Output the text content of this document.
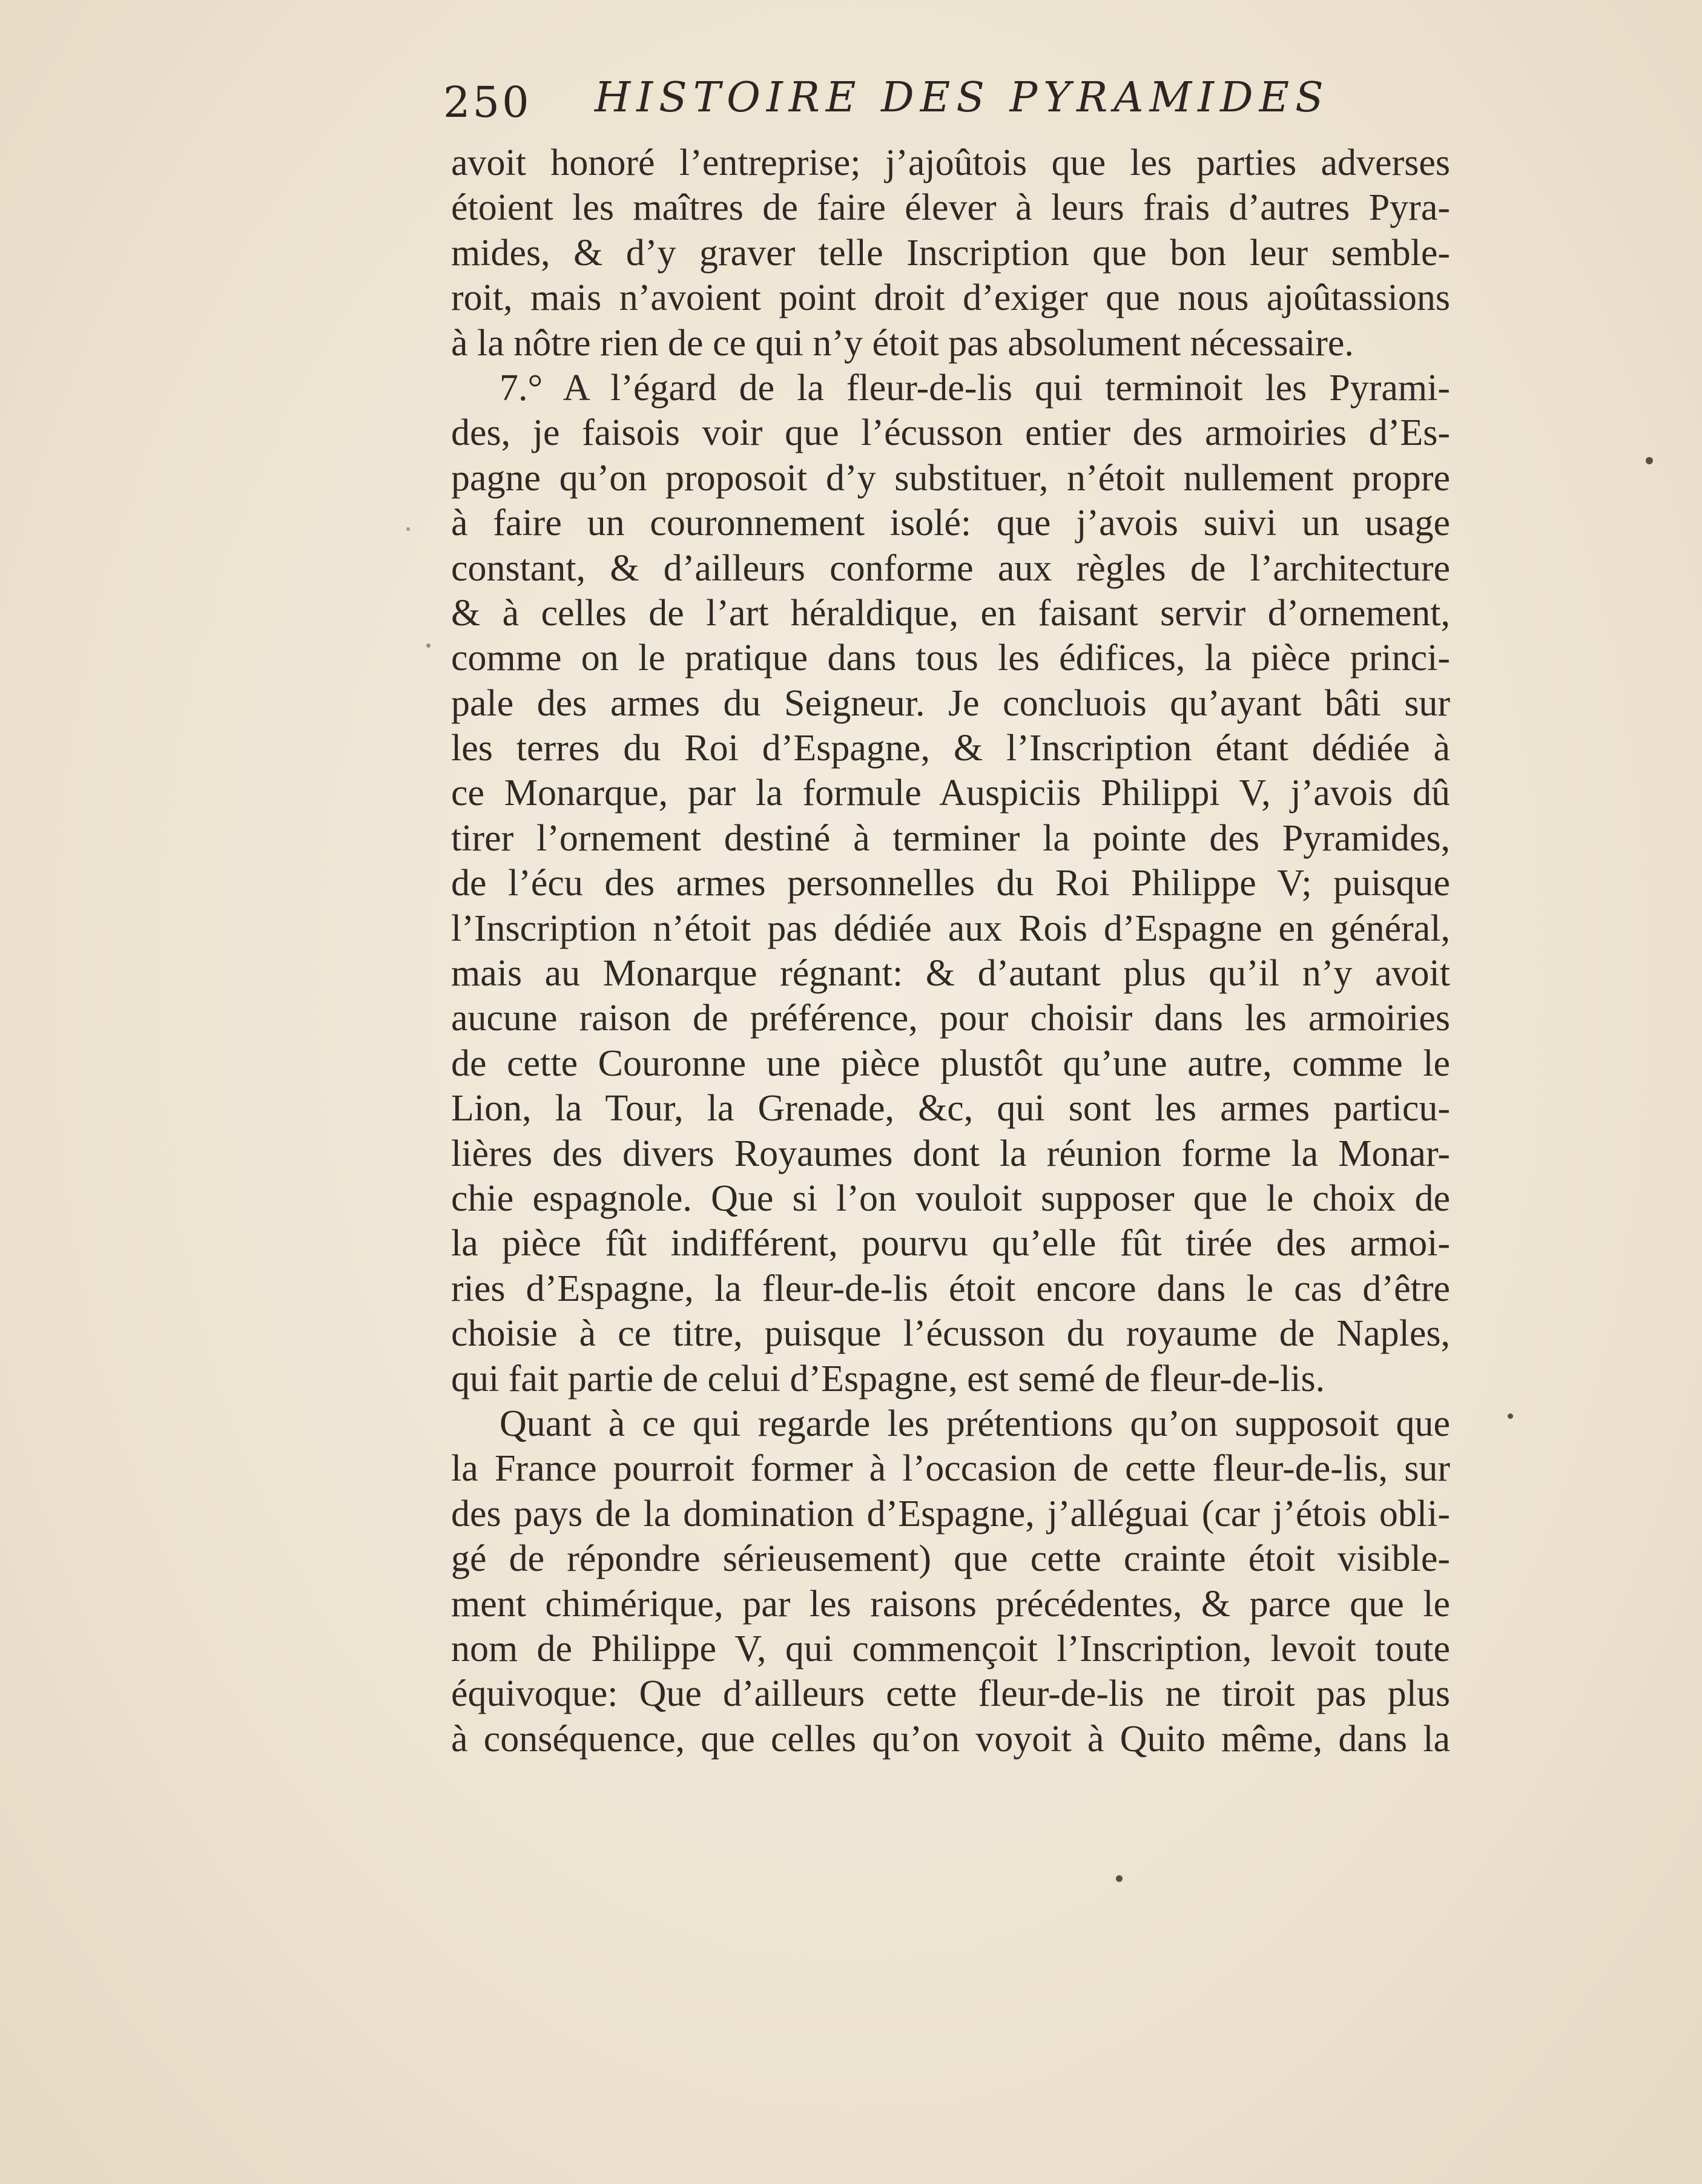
250 HISTOIRE DES PYRAMIDES
avoit honoré l’entreprise; j’ajoûtois que les parties adverses
étoient les maîtres de faire élever à leurs frais d’autres Pyra-
mides, & d’y graver telle Inscription que bon leur semble-
roit, mais n’avoient point droit d’exiger que nous ajoûtassions
à la nôtre rien de ce qui n’y étoit pas absolument nécessaire.
7.° A l’égard de la fleur-de-lis qui terminoit les Pyrami-
des, je faisois voir que l’écusson entier des armoiries d’Es-
pagne qu’on proposoit d’y substituer, n’étoit nullement propre
à faire un couronnement isolé: que j’avois suivi un usage
constant, & d’ailleurs conforme aux règles de l’architecture
& à celles de l’art héraldique, en faisant servir d’ornement,
comme on le pratique dans tous les édifices, la pièce princi-
pale des armes du Seigneur. Je concluois qu’ayant bâti sur
les terres du Roi d’Espagne, & l’Inscription étant dédiée à
ce Monarque, par la formule Auspiciis Philippi V, j’avois dû
tirer l’ornement destiné à terminer la pointe des Pyramides,
de l’écu des armes personnelles du Roi Philippe V; puisque
l’Inscription n’étoit pas dédiée aux Rois d’Espagne en général,
mais au Monarque régnant: & d’autant plus qu’il n’y avoit
aucune raison de préférence, pour choisir dans les armoiries
de cette Couronne une pièce plustôt qu’une autre, comme le
Lion, la Tour, la Grenade, &c, qui sont les armes particu-
lières des divers Royaumes dont la réunion forme la Monar-
chie espagnole. Que si l’on vouloit supposer que le choix de
la pièce fût indifférent, pourvu qu’elle fût tirée des armoi-
ries d’Espagne, la fleur-de-lis étoit encore dans le cas d’être
choisie à ce titre, puisque l’écusson du royaume de Naples,
qui fait partie de celui d’Espagne, est semé de fleur-de-lis.
Quant à ce qui regarde les prétentions qu’on supposoit que
la France pourroit former à l’occasion de cette fleur-de-lis, sur
des pays de la domination d’Espagne, j’alléguai (car j’étois obli-
gé de répondre sérieusement) que cette crainte étoit visible-
ment chimérique, par les raisons précédentes, & parce que le
nom de Philippe V, qui commençoit l’Inscription, levoit toute
équivoque: Que d’ailleurs cette fleur-de-lis ne tiroit pas plus
à conséquence, que celles qu’on voyoit à Quito même, dans la
